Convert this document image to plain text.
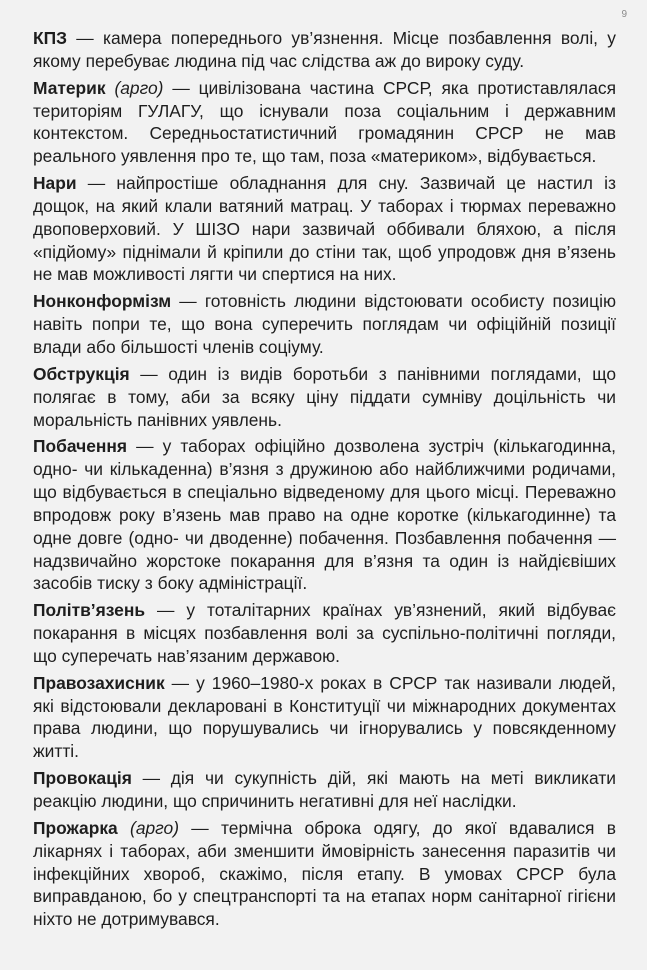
9

КПЗ — камера попереднього ув’язнення. Місце позбавлення волі, у якому перебуває людина під час слідства аж до вироку суду.

Материк (арго) — цивілізована частина СРСР, яка протиставлялася територіям ГУЛАГУ, що існували поза соціальним і державним контекстом. Середньостатистичний громадянин СРСР не мав реального уявлення про те, що там, поза «материком», відбувається.

Нари — найпростіше обладнання для сну. Зазвичай це настил із дощок, на який клали ватяний матрац. У таборах і тюрмах переважно двоповерховий. У ШІЗО нари зазвичай оббивали бляхою, а після «підйому» піднімали й кріпили до стіни так, щоб упродовж дня в’язень не мав можливості лягти чи спертися на них.

Нонконформізм — готовність людини відстоювати особисту позицію навіть попри те, що вона суперечить поглядам чи офіційній позиції влади або більшості членів соціуму.

Обструкція — один із видів боротьби з панівними поглядами, що полягає в тому, аби за всяку ціну піддати сумніву доцільність чи моральність панівних уявлень.

Побачення — у таборах офіційно дозволена зустріч (кількагодинна, одно- чи кількаденна) в’язня з дружиною або найближчими родичами, що відбувається в спеціально відведеному для цього місці. Переважно впродовж року в’язень мав право на одне коротке (кількагодинне) та одне довге (одно- чи дводенне) побачення. Позбавлення побачення — надзвичайно жорстоке покарання для в’язня та один із найдієвіших засобів тиску з боку адміністрації.

Політв’язень — у тоталітарних країнах ув’язнений, який відбуває покарання в місцях позбавлення волі за суспільно-політичні погляди, що суперечать нав’язаним державою.

Правозахисник — у 1960–1980-х роках в СРСР так називали людей, які відстоювали декларовані в Конституції чи міжнародних документах права людини, що порушувались чи ігнорувались у повсякденному житті.

Провокація — дія чи сукупність дій, які мають на меті викликати реакцію людини, що спричинить негативні для неї наслідки.

Прожарка (арго) — термічна оброка одягу, до якої вдавалися в лікарнях і таборах, аби зменшити ймовірність занесення паразитів чи інфекційних хвороб, скажімо, після етапу. В умовах СРСР була виправданою, бо у спецтранспорті та на етапах норм санітарної гігієни ніхто не дотримувався.
